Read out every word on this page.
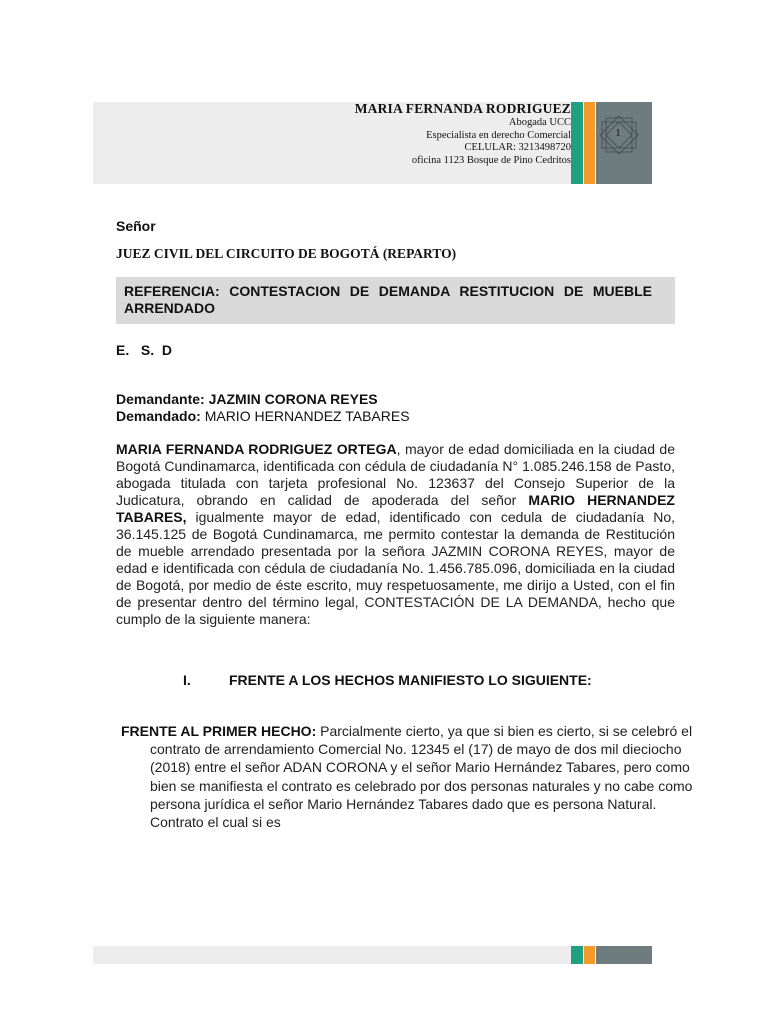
MARIA FERNANDA RODRIGUEZ
Abogada UCC
Especialista en derecho Comercial
CELULAR: 3213498720
oficina 1123 Bosque de Pino Cedritos
1
Señor
JUEZ CIVIL DEL CIRCUITO DE BOGOTÁ (REPARTO)
REFERENCIA: CONTESTACION DE DEMANDA RESTITUCION DE MUEBLE ARRENDADO
E.   S.  D
Demandante: JAZMIN CORONA REYES
Demandado: MARIO HERNANDEZ TABARES
MARIA FERNANDA RODRIGUEZ ORTEGA, mayor de edad domiciliada en la ciudad de Bogotá Cundinamarca, identificada con cédula de ciudadanía N° 1.085.246.158 de Pasto, abogada titulada con tarjeta profesional No. 123637 del Consejo Superior de la Judicatura, obrando en calidad de apoderada del señor MARIO HERNANDEZ TABARES, igualmente mayor de edad, identificado con cedula de ciudadanía No, 36.145.125 de Bogotá Cundinamarca, me permito contestar la demanda de Restitución de mueble arrendado presentada por la señora JAZMIN CORONA REYES, mayor de edad e identificada con cédula de ciudadanía No. 1.456.785.096, domiciliada en la ciudad de Bogotá, por medio de éste escrito, muy respetuosamente, me dirijo a Usted, con el fin de presentar dentro del término legal, CONTESTACIÓN DE LA DEMANDA, hecho que cumplo de la siguiente manera:
I.	FRENTE A LOS HECHOS MANIFIESTO LO SIGUIENTE:
FRENTE AL PRIMER HECHO: Parcialmente cierto, ya que si bien es cierto, si se celebró el contrato de arrendamiento Comercial No. 12345 el (17) de mayo de dos mil dieciocho (2018) entre el señor ADAN CORONA y el señor Mario Hernández Tabares, pero como bien se manifiesta el contrato es celebrado por dos personas naturales y no cabe como persona jurídica el señor Mario Hernández Tabares dado que es persona Natural. Contrato el cual si es
